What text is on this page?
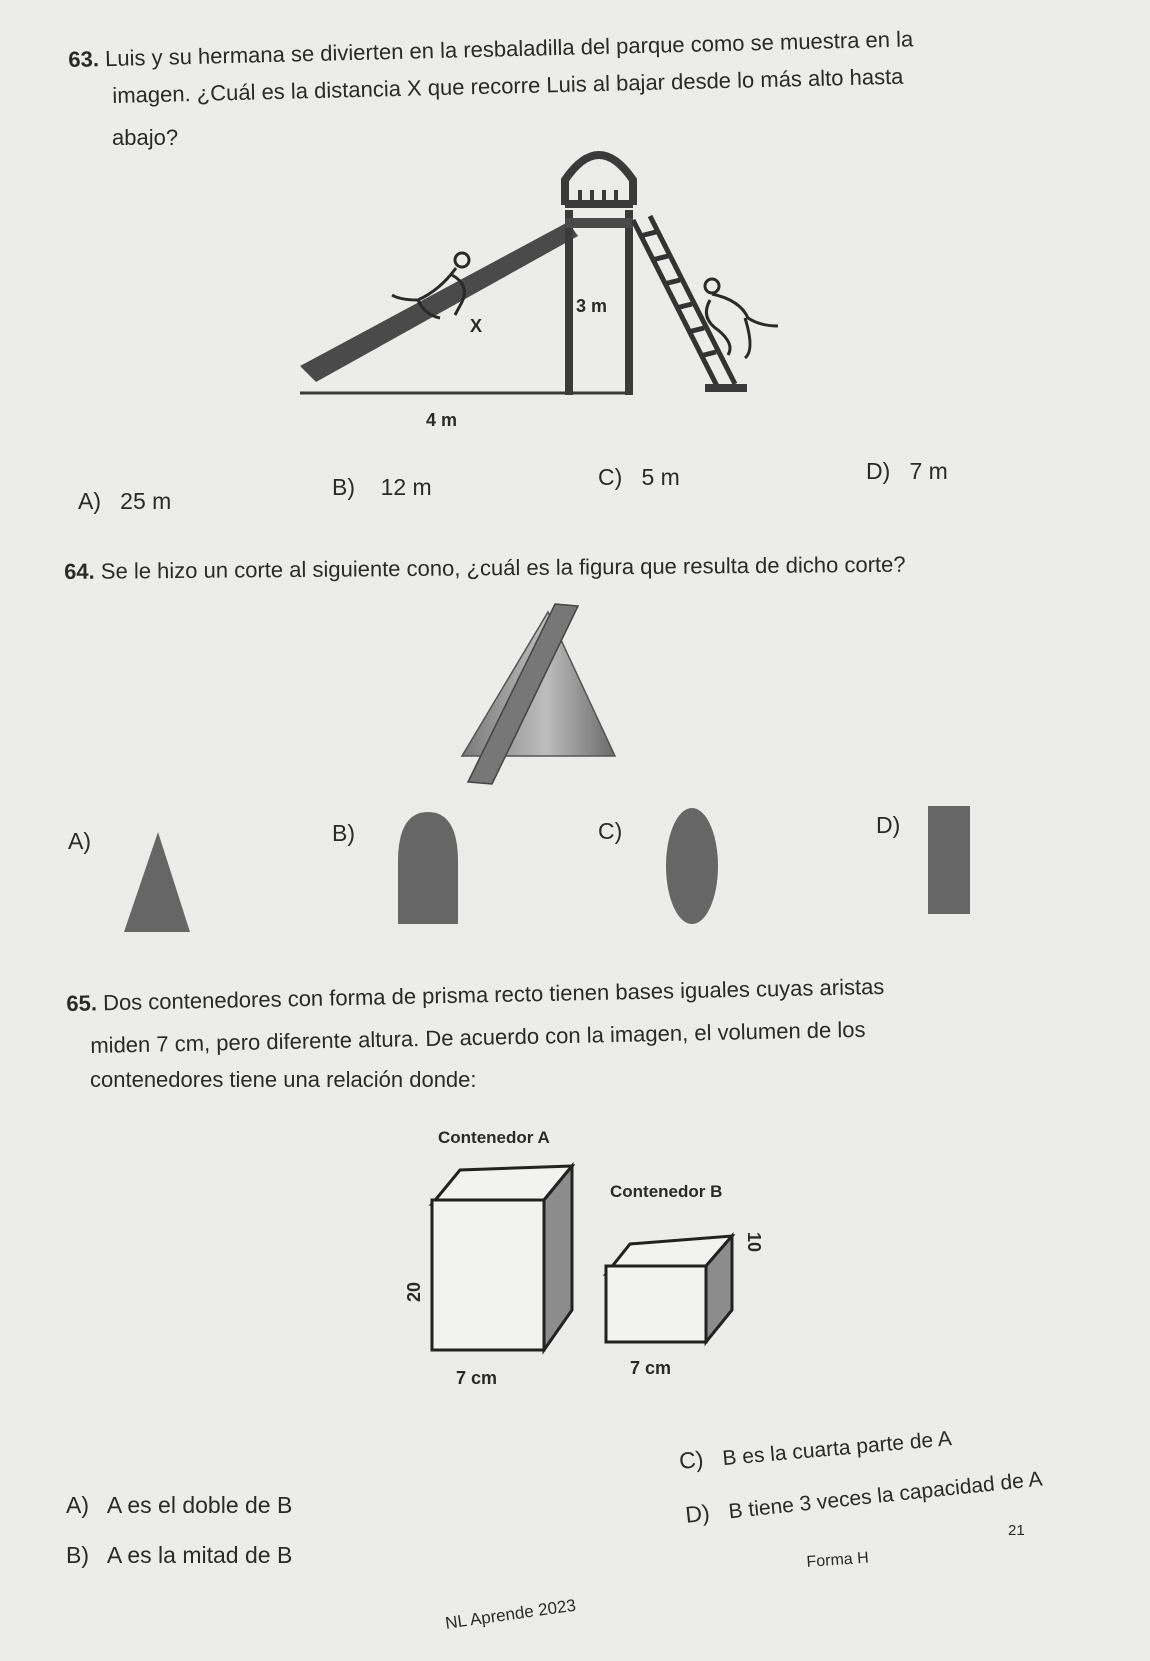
63. Luis y su hermana se divierten en la resbaladilla del parque como se muestra en la
imagen. ¿Cuál es la distancia X que recorre Luis al bajar desde lo más alto hasta
abajo?
X
3 m
4 m
A) 25 m
B) 12 m	C) 5 m	D) 7 m
64. Se le hizo un corte al siguiente cono, ¿cuál es la figura que resulta de dicho corte?
A)	B)	C)	D)
65. Dos contenedores con forma de prisma recto tienen bases iguales cuyas aristas
miden 7 cm, pero diferente altura. De acuerdo con la imagen, el volumen de los
contenedores tiene una relación donde:
Contenedor A
Contenedor B
20
7 cm
10
7 cm
C) B es la cuarta parte de A
D) B tiene 3 veces la capacidad de A
A) A es el doble de B
B) A es la mitad de B
21
Forma H
NL Aprende 2023
